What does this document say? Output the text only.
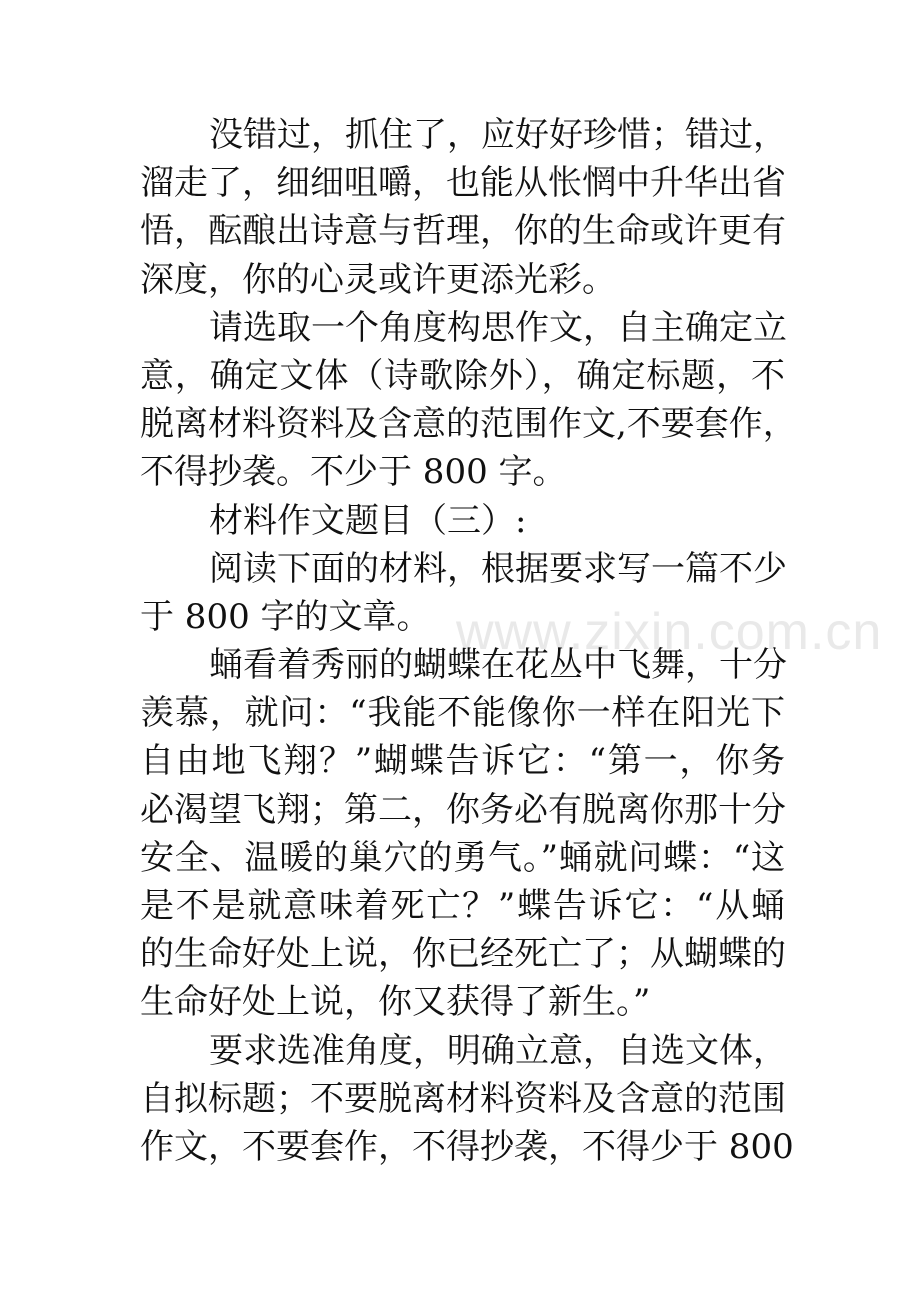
www.zixin.com.cn
没错过，抓住了，应好好珍惜；错过，
溜走了，细细咀嚼，也能从怅惘中升华出省
悟，酝酿出诗意与哲理，你的生命或许更有
深度，你的心灵或许更添光彩。
请选取一个角度构思作文，自主确定立
意，确定文体（诗歌除外），确定标题，不
脱离材料资料及含意的范围作文,不要套作，
不得抄袭。不少于 800 字。
材料作文题目（三）:
阅读下面的材料，根据要求写一篇不少
于 800 字的文章。
蛹看着秀丽的蝴蝶在花丛中飞舞，十分
羡慕，就问：“我能不能像你一样在阳光下
自由地飞翔？”蝴蝶告诉它：“第一，你务
必渴望飞翔；第二，你务必有脱离你那十分
安全、温暖的巢穴的勇气。”蛹就问蝶：“这
是不是就意味着死亡？”蝶告诉它：“从蛹
的生命好处上说，你已经死亡了；从蝴蝶的
生命好处上说，你又获得了新生。”
要求选准角度，明确立意，自选文体，
自拟标题；不要脱离材料资料及含意的范围
作文，不要套作，不得抄袭，不得少于 800
